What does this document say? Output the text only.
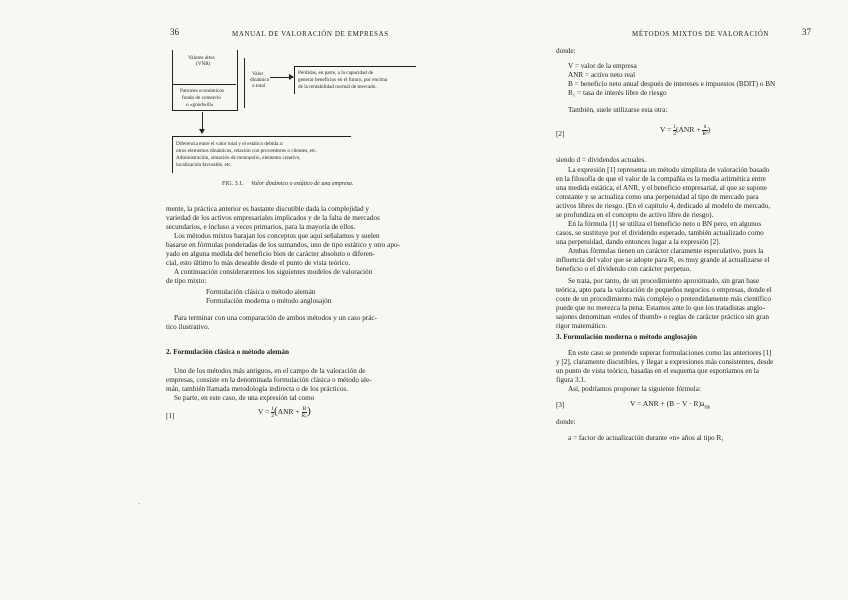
36	MANUAL DE VALORACIÓN DE EMPRESAS
Valores altos
(VNR)
Patrones económicos
fondo de comercio
o «goodwill»
Valor
dinámico
o total
Pérdidas, en parte, a la capacidad de
generar beneficios en el futuro, por encima
de la rentabilidad normal de mercado.
Diferencia entre el valor total y el estático debida a:
otros elementos dinámicos, relación con proveedores o clientes, etc.
Administración, situación de monopolio, elemento creativo,
localización favorable, etc.
FIG. 3.1. Valor dinámico o estático de una empresa.
mente, la práctica anterior es bastante discutible dada la complejidad y
variedad de los activos empresariales implicados y de la falta de mercados
secundarios, e incluso a veces primarios, para la mayoría de ellos.
Los métodos mixtos barajan los conceptos que aquí señalamos y suelen
basarse en fórmulas ponderadas de los sumandos, uno de tipo estático y otro apo-
yado en alguna medida del beneficio bien de carácter absoluto o diferen-
cial, esto último lo más deseable desde el punto de vista teórico.
A continuación consideraremos los siguientes modelos de valoración
de tipo mixto:
Formulación clásica o método alemán
Formulación moderna o método anglosajón
Para terminar con una comparación de ambos métodos y un caso prác-
tico ilustrativo.
2. Formulación clásica o método alemán
Uno de los métodos más antiguos, en el campo de la valoración de
empresas, consiste en la denominada formulación clásica o método ale-
mán, también llamada metodología indirecta o de los prácticos.
Se parte, en este caso, de una expresión tal como
[1]	$V = \frac{1}{2} (ANR + \frac{B}{\text{R₁}}$ )
·
MÉTODOS MIXTOS DE VALORACIÓN	37
donde:
V = valor de la empresa
ANR = activo neto real
B = beneficio neto anual después de intereses e impuestos (BDIT) o BN
R₁ = tasa de interés libre de riesgo
También, suele utilizarse esta otra:
[2]	$V = \frac{1}{2} (ANR + \frac{d}{\text{R²}}$ )
siendo d = dividendos actuales.
La expresión [1] representa un método simplista de valoración basado
en la filosofía de que el valor de la compañía es la media aritmética entre
una medida estática, el ANR, y el beneficio empresarial, al que se supone
constante y se actualiza como una perpetuidad al tipo de mercado para
activos libres de riesgo. (En el capítulo 4, dedicado al modelo de mercado,
se profundiza en el concepto de activo libre de riesgo).
En la fórmula [1] se utiliza el beneficio neto o BN pero, en algunos
casos, se sustituye por el dividendo esperado, también actualizado como
una perpetuidad, dando entonces lugar a la expresión [2].
Ambas fórmulas tienen un carácter claramente especulativo, pues la
influencia del valor que se adopte para R₁ es muy grande al actualizarse el
beneficio o el dividendo con carácter perpetuo.
Se trata, por tanto, de un procedimiento aproximado, sin gran base
teórica, apto para la valoración de pequeños negocios o empresas, donde el
coste de un procedimiento más complejo o pretendidamente más científico
puede que no merezca la pena. Estamos ante lo que los tratadistas anglo-
sajones denominan «rules of thumb» o reglas de carácter práctico sin gran
rigor matemático.
3. Formulación moderna o método anglosajón
En este caso se pretende superar formulaciones como las anteriores [1]
y [2], claramente discutibles, y llegar a expresiones más consistentes, desde
un punto de vista teórico, basadas en el esquema que esponíamos en la
figura 3.1.
Así, podríamos proponer la siguiente fórmula:
[3]	V = ANR + $(B - V \cdot R)a_{n̄|k}$
donde:
a = factor de actualización durante «n» años al tipo R₁
